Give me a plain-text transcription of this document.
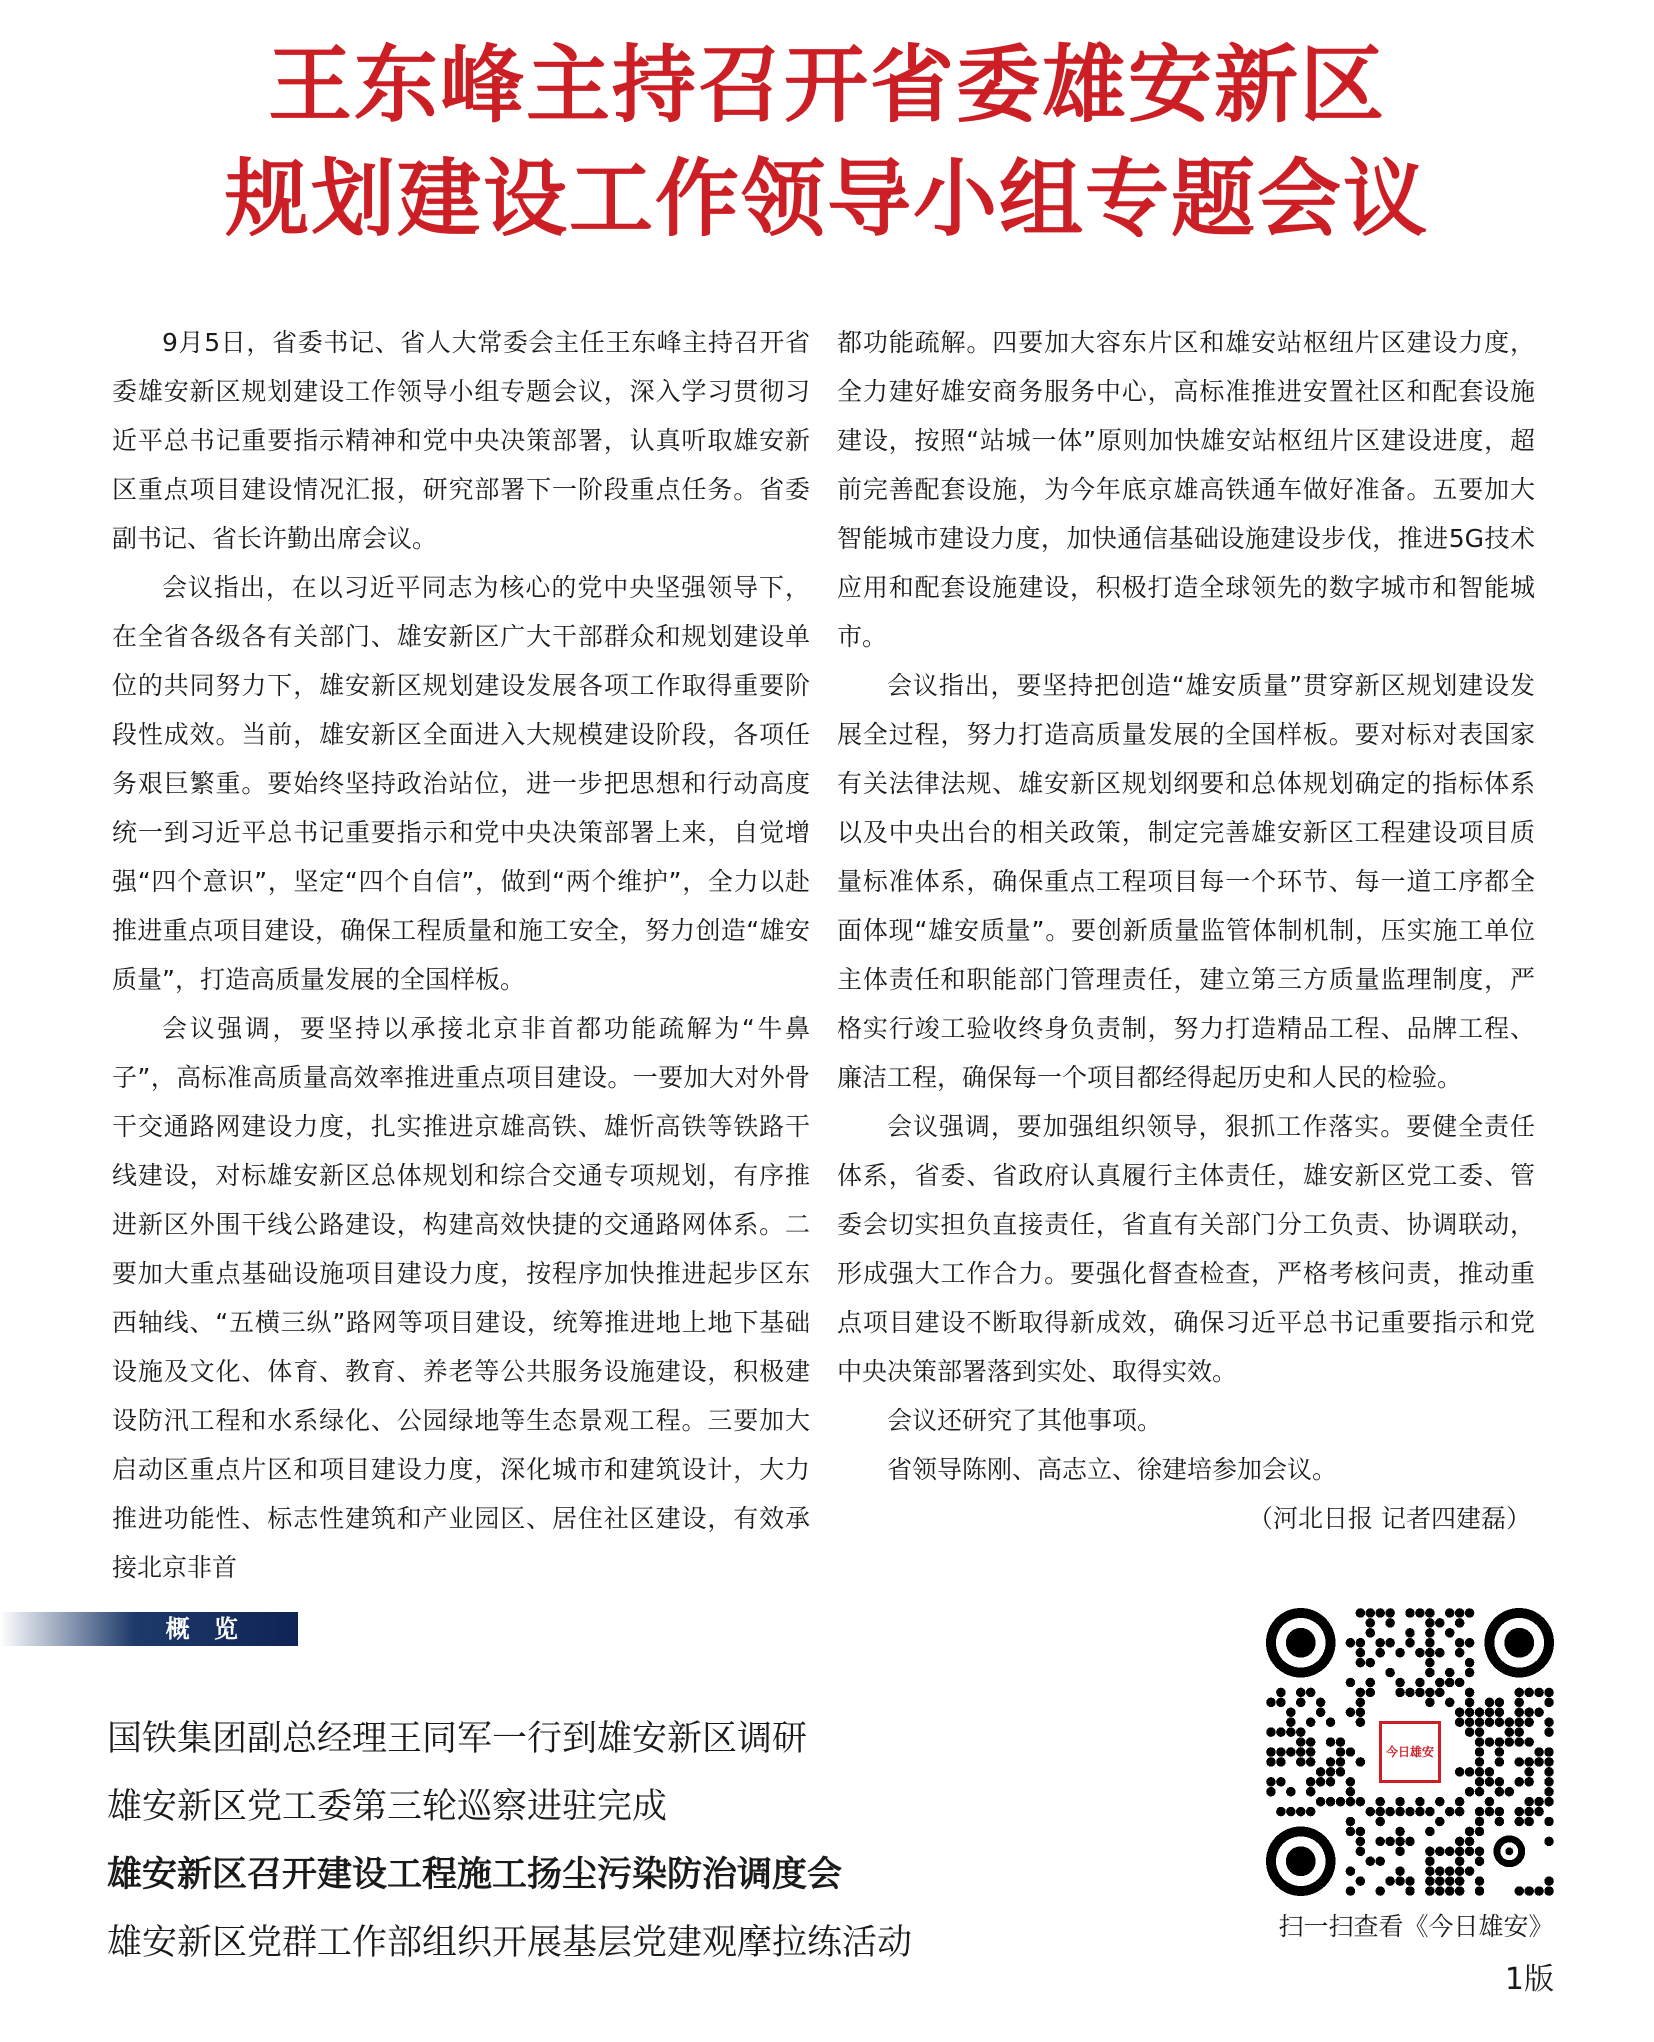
王东峰主持召开省委雄安新区
规划建设工作领导小组专题会议

9月5日，省委书记、省人大常委会主任王东峰主持召开省委雄安新区规划建设工作领导小组专题会议，深入学习贯彻习近平总书记重要指示精神和党中央决策部署，认真听取雄安新区重点项目建设情况汇报，研究部署下一阶段重点任务。省委副书记、省长许勤出席会议。

会议指出，在以习近平同志为核心的党中央坚强领导下，在全省各级各有关部门、雄安新区广大干部群众和规划建设单位的共同努力下，雄安新区规划建设发展各项工作取得重要阶段性成效。当前，雄安新区全面进入大规模建设阶段，各项任务艰巨繁重。要始终坚持政治站位，进一步把思想和行动高度统一到习近平总书记重要指示和党中央决策部署上来，自觉增强“四个意识”，坚定“四个自信”，做到“两个维护”，全力以赴推进重点项目建设，确保工程质量和施工安全，努力创造“雄安质量”，打造高质量发展的全国样板。

会议强调，要坚持以承接北京非首都功能疏解为“牛鼻子”，高标准高质量高效率推进重点项目建设。一要加大对外骨干交通路网建设力度，扎实推进京雄高铁、雄忻高铁等铁路干线建设，对标雄安新区总体规划和综合交通专项规划，有序推进新区外围干线公路建设，构建高效快捷的交通路网体系。二要加大重点基础设施项目建设力度，按程序加快推进起步区东西轴线、“五横三纵”路网等项目建设，统筹推进地上地下基础设施及文化、体育、教育、养老等公共服务设施建设，积极建设防汛工程和水系绿化、公园绿地等生态景观工程。三要加大启动区重点片区和项目建设力度，深化城市和建筑设计，大力推进功能性、标志性建筑和产业园区、居住社区建设，有效承接北京非首

都功能疏解。四要加大容东片区和雄安站枢纽片区建设力度，全力建好雄安商务服务中心，高标准推进安置社区和配套设施建设，按照“站城一体”原则加快雄安站枢纽片区建设进度，超前完善配套设施，为今年底京雄高铁通车做好准备。五要加大智能城市建设力度，加快通信基础设施建设步伐，推进5G技术应用和配套设施建设，积极打造全球领先的数字城市和智能城市。

会议指出，要坚持把创造“雄安质量”贯穿新区规划建设发展全过程，努力打造高质量发展的全国样板。要对标对表国家有关法律法规、雄安新区规划纲要和总体规划确定的指标体系以及中央出台的相关政策，制定完善雄安新区工程建设项目质量标准体系，确保重点工程项目每一个环节、每一道工序都全面体现“雄安质量”。要创新质量监管体制机制，压实施工单位主体责任和职能部门管理责任，建立第三方质量监理制度，严格实行竣工验收终身负责制，努力打造精品工程、品牌工程、廉洁工程，确保每一个项目都经得起历史和人民的检验。

会议强调，要加强组织领导，狠抓工作落实。要健全责任体系，省委、省政府认真履行主体责任，雄安新区党工委、管委会切实担负直接责任，省直有关部门分工负责、协调联动，形成强大工作合力。要强化督查检查，严格考核问责，推动重点项目建设不断取得新成效，确保习近平总书记重要指示和党中央决策部署落到实处、取得实效。

会议还研究了其他事项。

省领导陈刚、高志立、徐建培参加会议。

（河北日报 记者四建磊）

概 览
国铁集团副总经理王同军一行到雄安新区调研
雄安新区党工委第三轮巡察进驻完成
雄安新区召开建设工程施工扬尘污染防治调度会
雄安新区党群工作部组织开展基层党建观摩拉练活动
今日雄安
扫一扫查看《今日雄安》
1版
